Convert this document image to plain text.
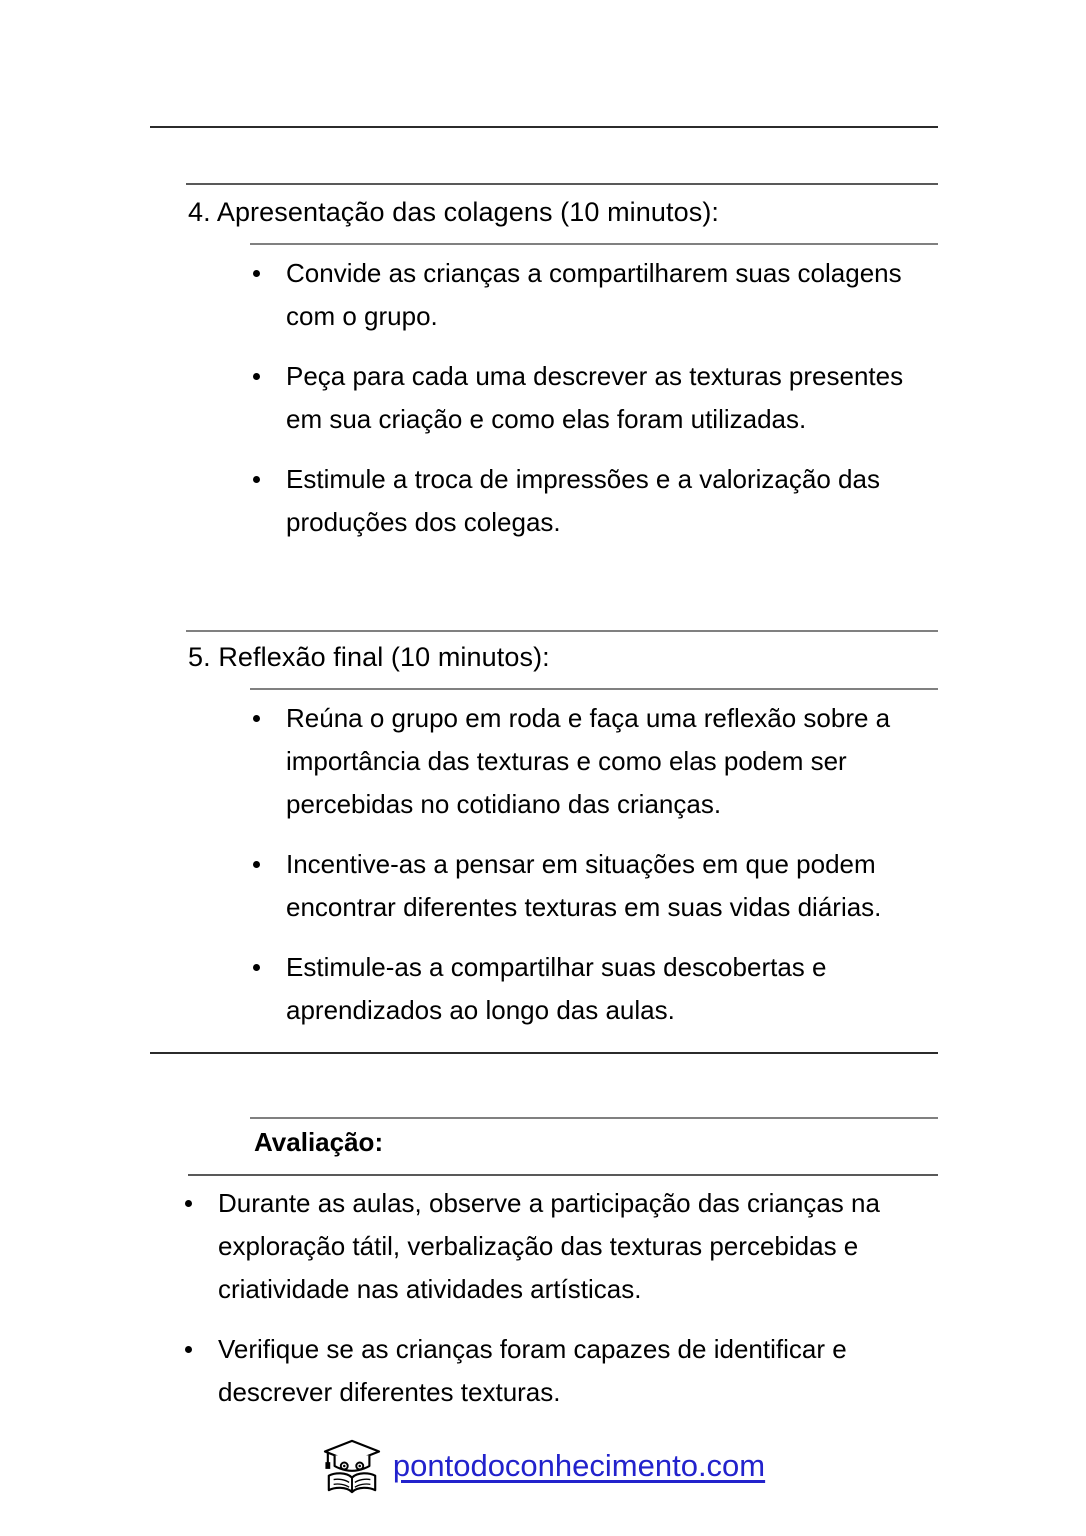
4. Apresentação das colagens (10 minutos):
Convide as crianças a compartilharem suas colagens com o grupo.
Peça para cada uma descrever as texturas presentes em sua criação e como elas foram utilizadas.
Estimule a troca de impressões e a valorização das produções dos colegas.
5. Reflexão final (10 minutos):
Reúna o grupo em roda e faça uma reflexão sobre a importância das texturas e como elas podem ser percebidas no cotidiano das crianças.
Incentive-as a pensar em situações em que podem encontrar diferentes texturas em suas vidas diárias.
Estimule-as a compartilhar suas descobertas e aprendizados ao longo das aulas.
Avaliação:
Durante as aulas, observe a participação das crianças na exploração tátil, verbalização das texturas percebidas e criatividade nas atividades artísticas.
Verifique se as crianças foram capazes de identificar e descrever diferentes texturas.
pontodoconhecimento.com
